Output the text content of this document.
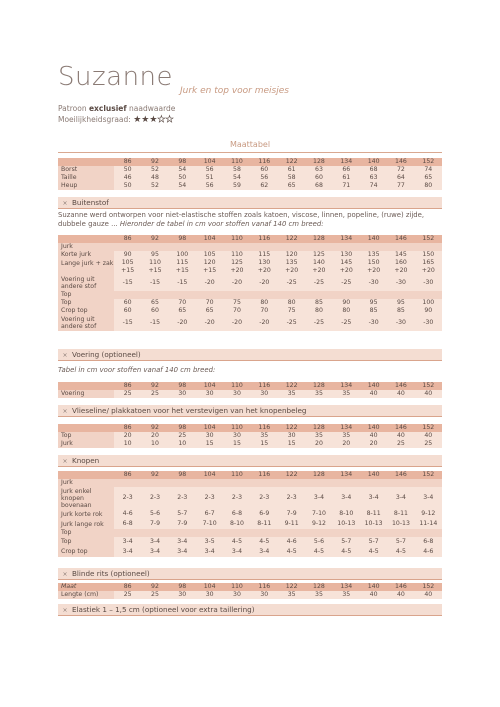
Suzanne Jurk en top voor meisjes
Patroon exclusief naadwaarde
Moeilijkheidsgraad: ★★★★★
Maattabel
	86	92	98	104	110	116	122	128	134	140	146	152
Borst	50	52	54	56	58	60	61	63	66	68	72	74
Taille	46	48	50	51	54	56	58	60	61	63	64	65
Heup	50	52	54	56	59	62	65	68	71	74	77	80
× Buitenstof
Suzanne werd ontworpen voor niet-elastische stoffen zoals katoen, viscose, linnen, popeline, (ruwe) zijde,
dubbele gauze ... Hieronder de tabel in cm voor stoffen vanaf 140 cm breed:
	86	92	98	104	110	116	122	128	134	140	146	152
Jurk												
Korte jurk	90	95	100	105	110	115	120	125	130	135	145	150
Lange jurk + zak	105	110	115	120	125	130	135	140	145	150	160	165
	+15	+15	+15	+15	+20	+20	+20	+20	+20	+20	+20	+20
Voering uit andere stof	-15	-15	-15	-20	-20	-20	-25	-25	-25	-30	-30	-30
Top												
Top	60	65	70	70	75	80	80	85	90	95	95	100
Crop top	60	60	65	65	70	70	75	80	80	85	85	90
Voering uit andere stof	-15	-15	-20	-20	-20	-20	-25	-25	-25	-30	-30	-30
× Voering (optioneel)
Tabel in cm voor stoffen vanaf 140 cm breed:
	86	92	98	104	110	116	122	128	134	140	146	152
Voering	25	25	30	30	30	30	35	35	35	40	40	40
× Vlieseline/ plakkatoen voor het verstevigen van het knopenbeleg
	86	92	98	104	110	116	122	128	134	140	146	152
Top	20	20	25	30	30	35	30	35	35	40	40	40
Jurk	10	10	10	15	15	15	15	20	20	20	25	25
× Knopen
	86	92	98	104	110	116	122	128	134	140	146	152
Jurk												
Jurk enkel knopen bovenaan	2-3	2-3	2-3	2-3	2-3	2-3	2-3	3-4	3-4	3-4	3-4	3-4
Jurk korte rok	4-6	5-6	5-7	6-7	6-8	6-9	7-9	7-10	8-10	8-11	8-11	9-12
Jurk lange rok	6-8	7-9	7-9	7-10	8-10	8-11	9-11	9-12	10-13	10-13	10-13	11-14
Top												
Top	3-4	3-4	3-4	3-5	4-5	4-5	4-6	5-6	5-7	5-7	5-7	6-8
Crop top	3-4	3-4	3-4	3-4	3-4	3-4	4-5	4-5	4-5	4-5	4-5	4-6
× Blinde rits (optioneel)
Maat	86	92	98	104	110	116	122	128	134	140	146	152
Lengte (cm)	25	25	30	30	30	30	35	35	35	40	40	40
× Elastiek 1 – 1,5 cm (optioneel voor extra taillering)
